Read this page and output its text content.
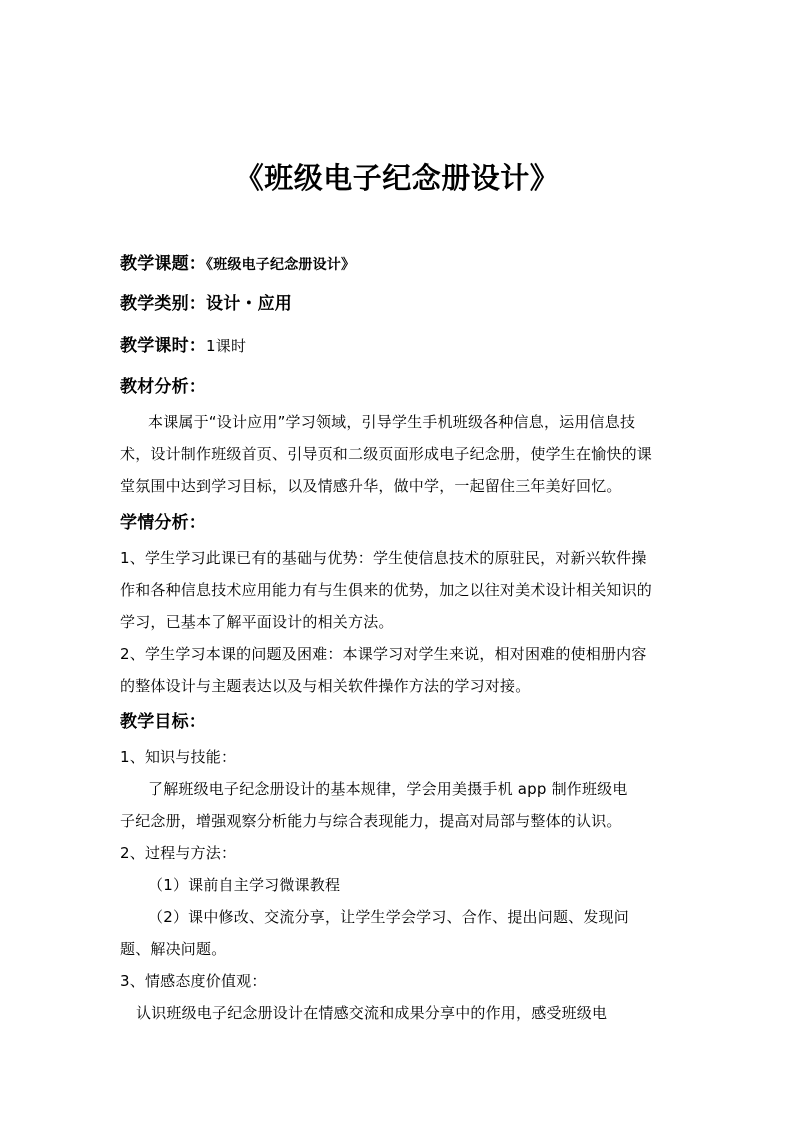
《班级电子纪念册设计》
教学课题：《班级电子纪念册设计》
教学类别：设计・应用
教学课时：1课时
教材分析：
本课属于“设计应用”学习领域，引导学生手机班级各种信息，运用信息技
术，设计制作班级首页、引导页和二级页面形成电子纪念册，使学生在愉快的课
堂氛围中达到学习目标，以及情感升华，做中学，一起留住三年美好回忆。
学情分析：
1、学生学习此课已有的基础与优势：学生使信息技术的原驻民，对新兴软件操
作和各种信息技术应用能力有与生俱来的优势，加之以往对美术设计相关知识的
学习，已基本了解平面设计的相关方法。
2、学生学习本课的问题及困难：本课学习对学生来说，相对困难的使相册内容
的整体设计与主题表达以及与相关软件操作方法的学习对接。
教学目标：
1、知识与技能：
了解班级电子纪念册设计的基本规律，学会用美摄手机 app 制作班级电
子纪念册，增强观察分析能力与综合表现能力，提高对局部与整体的认识。
2、过程与方法：
（1）课前自主学习微课教程
（2）课中修改、交流分享，让学生学会学习、合作、提出问题、发现问
题、解决问题。
3、情感态度价值观：
认识班级电子纪念册设计在情感交流和成果分享中的作用，感受班级电
